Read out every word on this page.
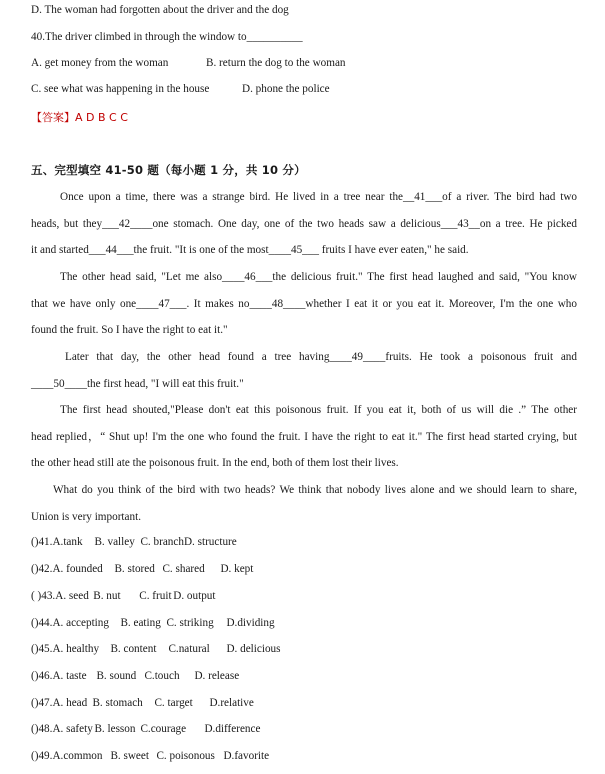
D. The woman had forgotten about the driver and the dog
40.The driver climbed in through the window to__________
A. get money from the woman	B. return the dog to the woman
C. see what was happening in the house	D. phone the police
【答案】A D B C C
五、完型填空 41-50 题（每小题 1 分，共 10 分）
Once upon a time, there was a strange bird. He lived in a tree near the__41___of a river. The bird had two
heads, but they___42____one stomach. One day, one of the two heads saw a delicious___43__on a tree. He picked
it and started___44___the fruit. "It is one of the most____45___ fruits I have ever eaten," he said.
The other head said, "Let me also____46___the delicious fruit." The first head laughed and said, "You know
that we have only one____47___. It makes no____48____whether I eat it or you eat it. Moreover, I'm the one who
found the fruit. So I have the right to eat it."
Later that day, the other head found a tree having____49____fruits. He took a poisonous fruit and
____50____the first head, "I will eat this fruit."
The first head shouted,"Please don't eat this poisonous fruit. If you eat it, both of us will die .” The other
head replied，“ Shut up! I'm the one who found the fruit. I have the right to eat it." The first head started crying, but
the other head still ate the poisonous fruit. In the end, both of them lost their lives.
What do you think of the bird with two heads? We think that nobody lives alone and we should learn to share,
Union is very important.
()41.A.tank B. valley C. branchD. structure
()42.A. founded B. stored C. shared D. kept
( )43.A. seed B. nut C. fruit D. output
()44.A. accepting B. eating C. striking D.dividing
()45.A. healthy B. content C.natural D. delicious
()46.A. taste B. sound C.touch D. release
()47.A. head B. stomach C. target D.relative
()48.A. safety B. lesson C.courage D.difference
()49.A.common B. sweet C. poisonous D.favorite
